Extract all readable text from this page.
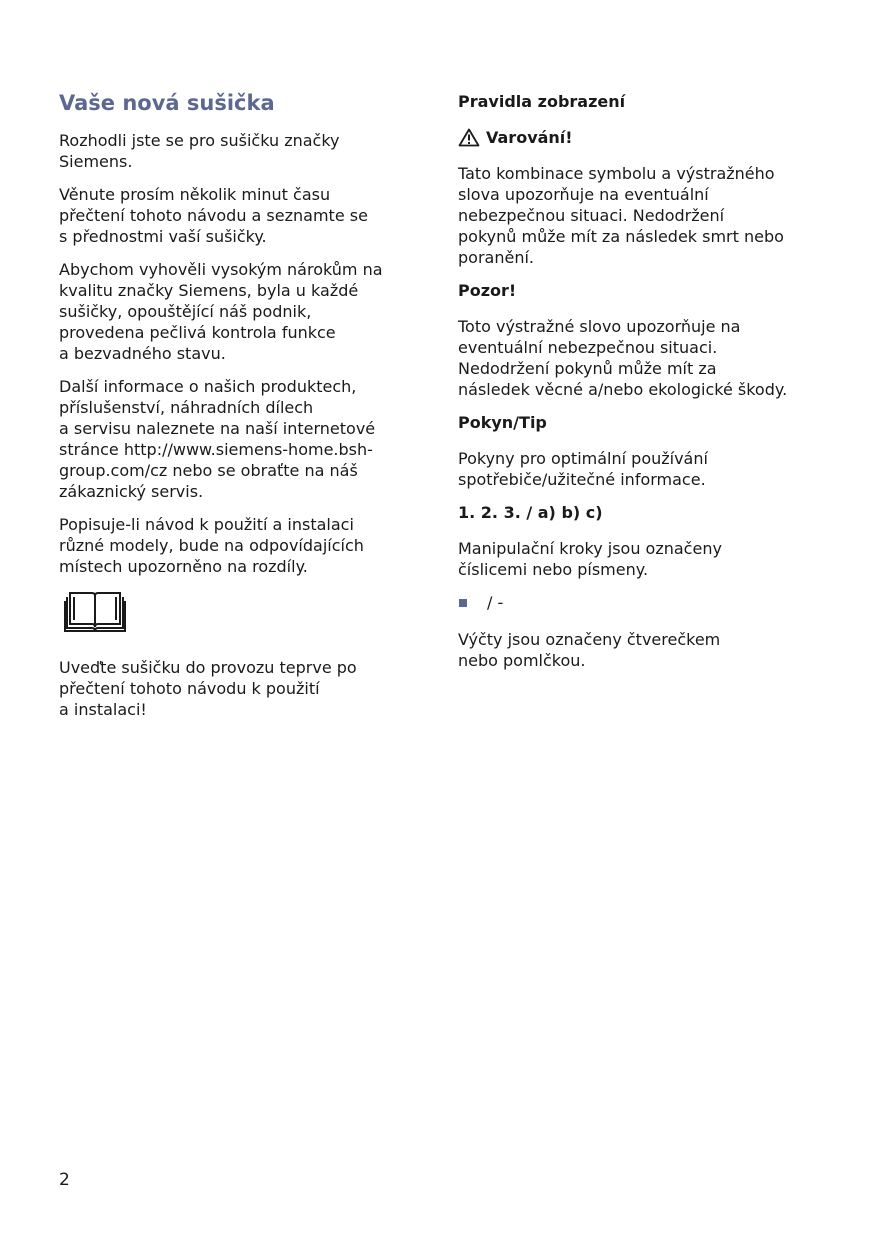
Vaše nová sušička
Rozhodli jste se pro sušičku značky
Siemens.
Věnute prosím několik minut času
přečtení tohoto návodu a seznamte se
s přednostmi vaší sušičky.
Abychom vyhověli vysokým nárokům na
kvalitu značky Siemens, byla u každé
sušičky, opouštějící náš podnik,
provedena pečlivá kontrola funkce
a bezvadného stavu.
Další informace o našich produktech,
příslušenství, náhradních dílech
a servisu naleznete na naší internetové
stránce http://www.siemens-home.bsh-
group.com/cz nebo se obraťte na náš
zákaznický servis.
Popisuje-li návod k použití a instalaci
různé modely, bude na odpovídajících
místech upozorněno na rozdíly.
Uveďte sušičku do provozu teprve po
přečtení tohoto návodu k použití
a instalaci!
Pravidla zobrazení
Varování!
Tato kombinace symbolu a výstražného
slova upozorňuje na eventuální
nebezpečnou situaci. Nedodržení
pokynů může mít za následek smrt nebo
poranění.
Pozor!
Toto výstražné slovo upozorňuje na
eventuální nebezpečnou situaci.
Nedodržení pokynů může mít za
následek věcné a/nebo ekologické škody.
Pokyn/Tip
Pokyny pro optimální používání
spotřebiče/užitečné informace.
1. 2. 3. / a) b) c)
Manipulační kroky jsou označeny
číslicemi nebo písmeny.
/ -
Výčty jsou označeny čtverečkem
nebo pomlčkou.
2
